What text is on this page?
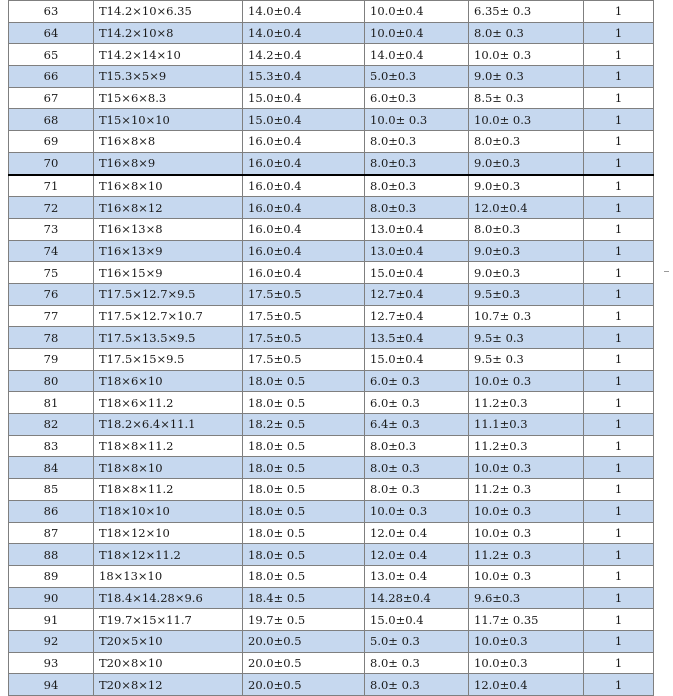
63	T14.2×10×6.35	14.0±0.4	10.0±0.4	6.35± 0.3	1
64	T14.2×10×8	14.0±0.4	10.0±0.4	8.0± 0.3	1
65	T14.2×14×10	14.2±0.4	14.0±0.4	10.0± 0.3	1
66	T15.3×5×9	15.3±0.4	5.0±0.3	9.0± 0.3	1
67	T15×6×8.3	15.0±0.4	6.0±0.3	8.5± 0.3	1
68	T15×10×10	15.0±0.4	10.0± 0.3	10.0± 0.3	1
69	T16×8×8	16.0±0.4	8.0±0.3	8.0±0.3	1
70	T16×8×9	16.0±0.4	8.0±0.3	9.0±0.3	1
71	T16×8×10	16.0±0.4	8.0±0.3	9.0±0.3	1
72	T16×8×12	16.0±0.4	8.0±0.3	12.0±0.4	1
73	T16×13×8	16.0±0.4	13.0±0.4	8.0±0.3	1
74	T16×13×9	16.0±0.4	13.0±0.4	9.0±0.3	1
75	T16×15×9	16.0±0.4	15.0±0.4	9.0±0.3	1
76	T17.5×12.7×9.5	17.5±0.5	12.7±0.4	9.5±0.3	1
77	T17.5×12.7×10.7	17.5±0.5	12.7±0.4	10.7± 0.3	1
78	T17.5×13.5×9.5	17.5±0.5	13.5±0.4	9.5± 0.3	1
79	T17.5×15×9.5	17.5±0.5	15.0±0.4	9.5± 0.3	1
80	T18×6×10	18.0± 0.5	6.0± 0.3	10.0± 0.3	1
81	T18×6×11.2	18.0± 0.5	6.0± 0.3	11.2±0.3	1
82	T18.2×6.4×11.1	18.2± 0.5	6.4± 0.3	11.1±0.3	1
83	T18×8×11.2	18.0± 0.5	8.0±0.3	11.2±0.3	1
84	T18×8×10	18.0± 0.5	8.0± 0.3	10.0± 0.3	1
85	T18×8×11.2	18.0± 0.5	8.0± 0.3	11.2± 0.3	1
86	T18×10×10	18.0± 0.5	10.0± 0.3	10.0± 0.3	1
87	T18×12×10	18.0± 0.5	12.0± 0.4	10.0± 0.3	1
88	T18×12×11.2	18.0± 0.5	12.0± 0.4	11.2± 0.3	1
89	18×13×10	18.0± 0.5	13.0± 0.4	10.0± 0.3	1
90	T18.4×14.28×9.6	18.4± 0.5	14.28±0.4	9.6±0.3	1
91	T19.7×15×11.7	19.7± 0.5	15.0±0.4	11.7± 0.35	1
92	T20×5×10	20.0±0.5	5.0± 0.3	10.0±0.3	1
93	T20×8×10	20.0±0.5	8.0± 0.3	10.0±0.3	1
94	T20×8×12	20.0±0.5	8.0± 0.3	12.0±0.4	1
